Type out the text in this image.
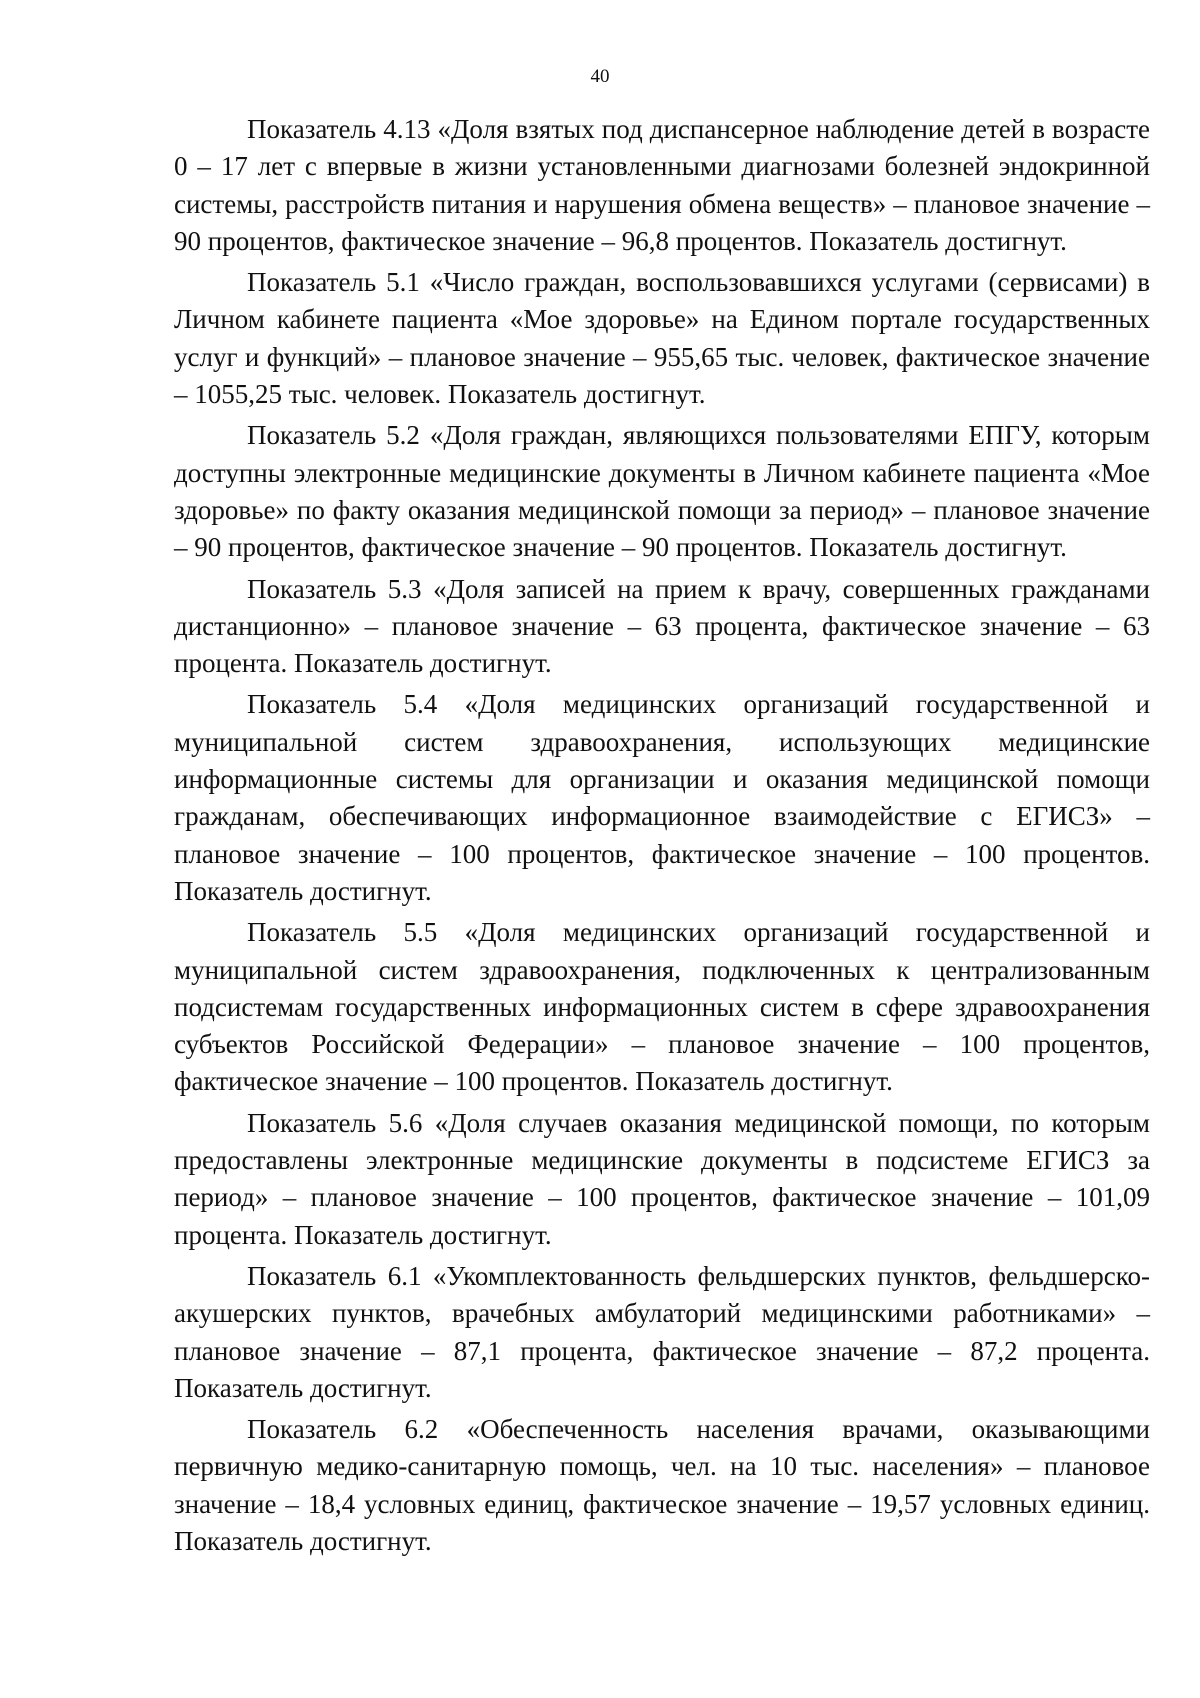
40

Показатель 4.13 «Доля взятых под диспансерное наблюдение детей в возрасте 0 – 17 лет с впервые в жизни установленными диагнозами болезней эндокринной системы, расстройств питания и нарушения обмена веществ» – плановое значение – 90 процентов, фактическое значение – 96,8 процентов. Показатель достигнут.

Показатель 5.1 «Число граждан, воспользовавшихся услугами (сервисами) в Личном кабинете пациента «Мое здоровье» на Едином портале государственных услуг и функций» – плановое значение – 955,65 тыс. человек, фактическое значение – 1055,25 тыс. человек. Показатель достигнут.

Показатель 5.2 «Доля граждан, являющихся пользователями ЕПГУ, которым доступны электронные медицинские документы в Личном кабинете пациента «Мое здоровье» по факту оказания медицинской помощи за период» – плановое значение – 90 процентов, фактическое значение – 90 процентов. Показатель достигнут.

Показатель 5.3 «Доля записей на прием к врачу, совершенных гражданами дистанционно» – плановое значение – 63 процента, фактическое значение – 63 процента. Показатель достигнут.

Показатель 5.4 «Доля медицинских организаций государственной и муниципальной систем здравоохранения, использующих медицинские информационные системы для организации и оказания медицинской помощи гражданам, обеспечивающих информационное взаимодействие с ЕГИСЗ» – плановое значение – 100 процентов, фактическое значение – 100 процентов. Показатель достигнут.

Показатель 5.5 «Доля медицинских организаций государственной и муниципальной систем здравоохранения, подключенных к централизованным подсистемам государственных информационных систем в сфере здравоохранения субъектов Российской Федерации» – плановое значение – 100 процентов, фактическое значение – 100 процентов. Показатель достигнут.

Показатель 5.6 «Доля случаев оказания медицинской помощи, по которым предоставлены электронные медицинские документы в подсистеме ЕГИСЗ за период» – плановое значение – 100 процентов, фактическое значение – 101,09 процента. Показатель достигнут.

Показатель 6.1 «Укомплектованность фельдшерских пунктов, фельдшерско-акушерских пунктов, врачебных амбулаторий медицинскими работниками» – плановое значение – 87,1 процента, фактическое значение – 87,2 процента. Показатель достигнут.

Показатель 6.2 «Обеспеченность населения врачами, оказывающими первичную медико-санитарную помощь, чел. на 10 тыс. населения» – плановое значение – 18,4 условных единиц, фактическое значение – 19,57 условных единиц. Показатель достигнут.
